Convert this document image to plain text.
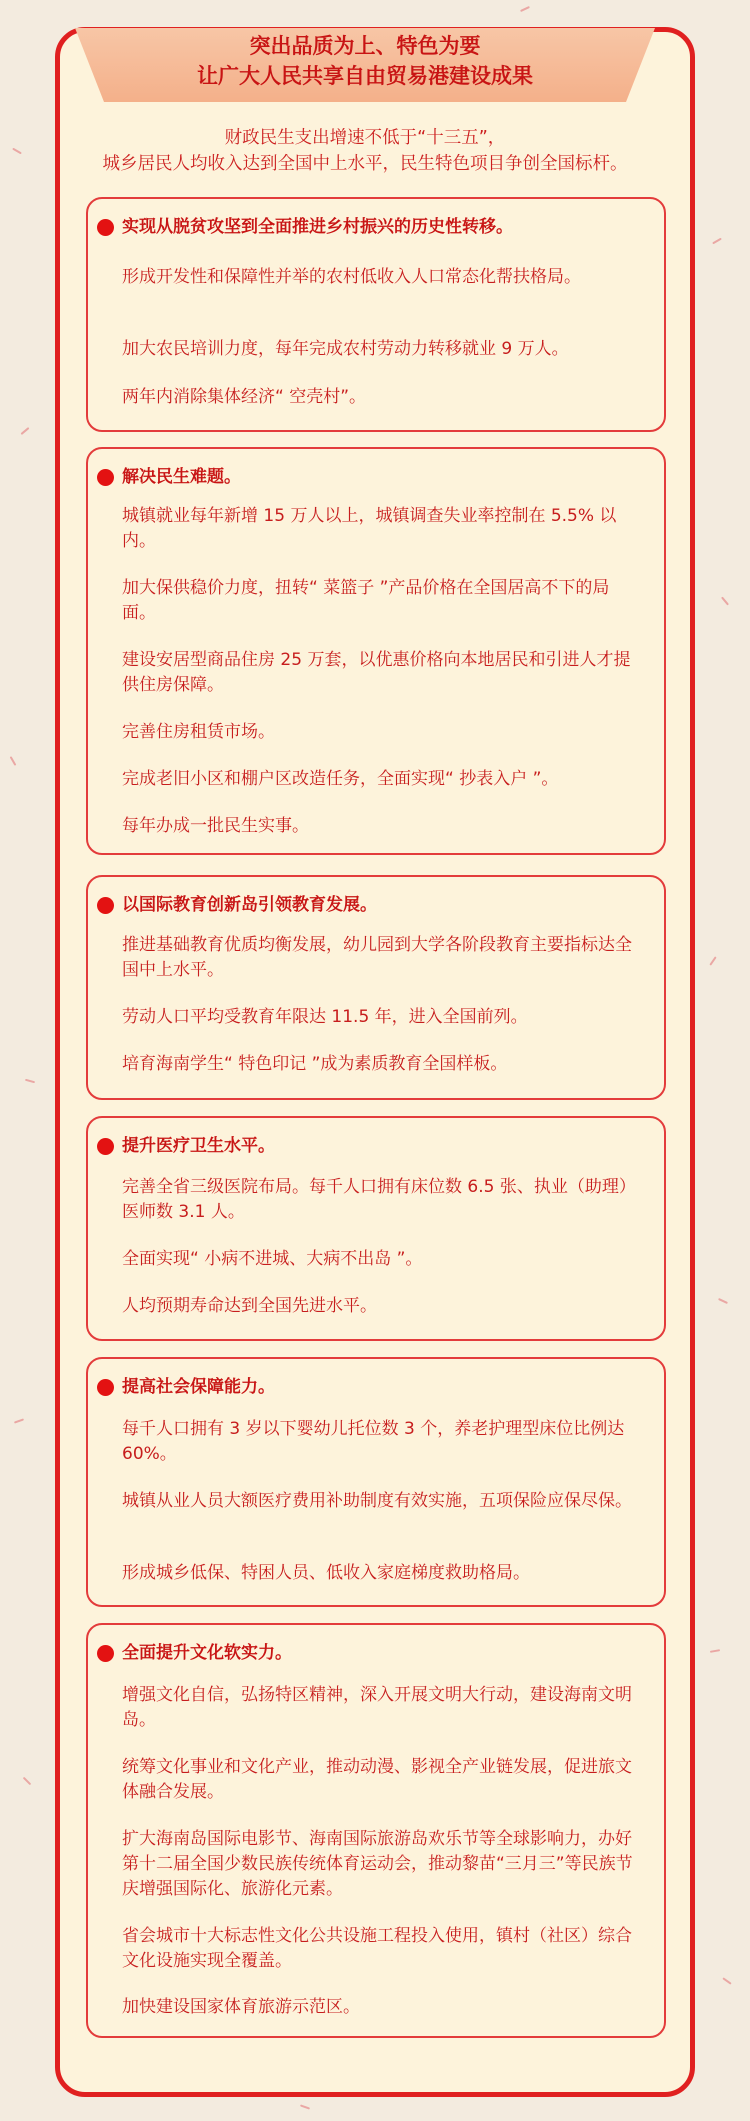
突出品质为上、特色为要
让广大人民共享自由贸易港建设成果
财政民生支出增速不低于“十三五”，
城乡居民人均收入达到全国中上水平，民生特色项目争创全国标杆。
实现从脱贫攻坚到全面推进乡村振兴的历史性转移。
形成开发性和保障性并举的农村低收入人口常态化帮扶格局。
加大农民培训力度，每年完成农村劳动力转移就业 9 万人。
两年内消除集体经济“ 空壳村”。
解决民生难题。
城镇就业每年新增 15 万人以上，城镇调查失业率控制在 5.5% 以内。
加大保供稳价力度，扭转“ 菜篮子 ”产品价格在全国居高不下的局面。
建设安居型商品住房 25 万套，以优惠价格向本地居民和引进人才提供住房保障。
完善住房租赁市场。
完成老旧小区和棚户区改造任务，全面实现“ 抄表入户 ”。
每年办成一批民生实事。
以国际教育创新岛引领教育发展。
推进基础教育优质均衡发展，幼儿园到大学各阶段教育主要指标达全国中上水平。
劳动人口平均受教育年限达 11.5 年，进入全国前列。
培育海南学生“ 特色印记 ”成为素质教育全国样板。
提升医疗卫生水平。
完善全省三级医院布局。每千人口拥有床位数 6.5 张、执业（助理）医师数 3.1 人。
全面实现“ 小病不进城、大病不出岛 ”。
人均预期寿命达到全国先进水平。
提高社会保障能力。
每千人口拥有 3 岁以下婴幼儿托位数 3 个，养老护理型床位比例达 60%。
城镇从业人员大额医疗费用补助制度有效实施，五项保险应保尽保。
形成城乡低保、特困人员、低收入家庭梯度救助格局。
全面提升文化软实力。
增强文化自信，弘扬特区精神，深入开展文明大行动，建设海南文明岛。
统筹文化事业和文化产业，推动动漫、影视全产业链发展，促进旅文体融合发展。
扩大海南岛国际电影节、海南国际旅游岛欢乐节等全球影响力，办好第十二届全国少数民族传统体育运动会，推动黎苗“三月三”等民族节庆增强国际化、旅游化元素。
省会城市十大标志性文化公共设施工程投入使用，镇村（社区）综合文化设施实现全覆盖。
加快建设国家体育旅游示范区。
